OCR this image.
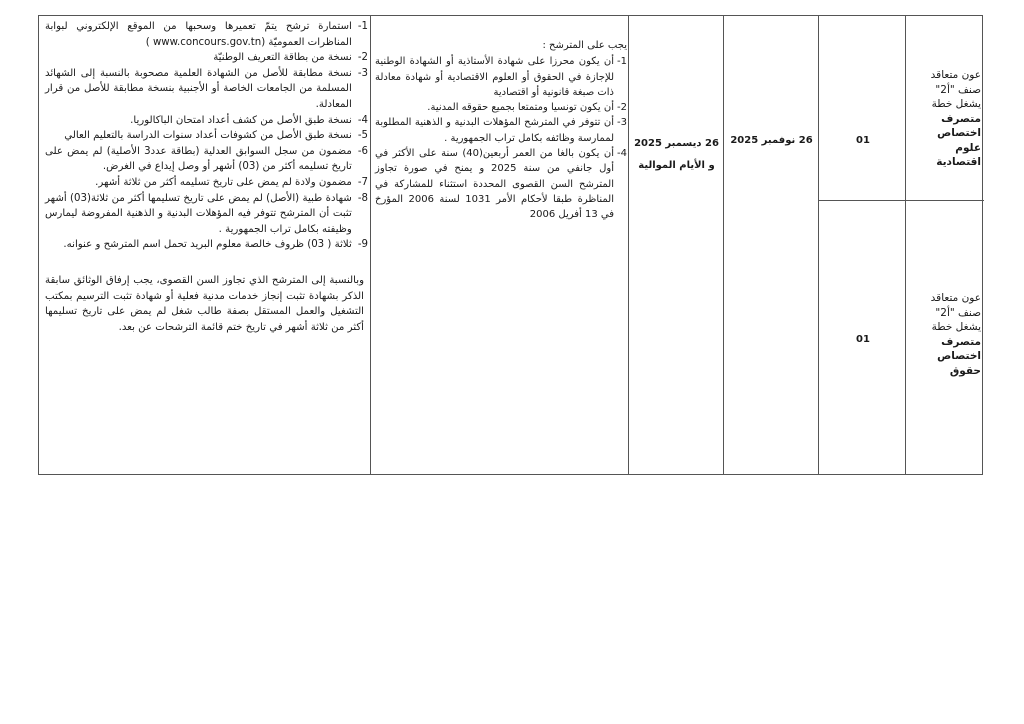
1-
استمارة ترشح يتمّ تعميرها وسحبها من الموقع الإلكتروني لبوابة المناظرات العموميّة (www.concours.gov.tn )
2-
نسخة من بطاقة التعريف الوطنيّة
3-
نسخة مطابقة للأصل من الشهادة العلمية مصحوبة بالنسبة إلى الشهائد المسلمة من الجامعات الخاصة أو الأجنبية بنسخة مطابقة للأصل من قرار المعادلة.
4-
نسخة طبق الأصل من كشف أعداد امتحان الباكالوريا.
5-
نسخة طبق الأصل من كشوفات أعداد سنوات الدراسة بالتعليم العالي
6-
مضمون من سجل السوابق العدلية (بطاقة عدد3 الأصلية) لم يمض على تاريخ تسليمه أكثر من (03) أشهر أو وصل إيداع في الغرض.
7-
مضمون ولادة لم يمض على تاريخ تسليمه أكثر من ثلاثة أشهر.
8-
شهادة طبية (الأصل) لم يمض على تاريخ تسليمها أكثر من ثلاثة(03) أشهر تثبت أن المترشح تتوفر فيه المؤهلات البدنية و الذهنية المفروضة ليمارس وظيفته بكامل تراب الجمهورية .
9-
ثلاثة ( 03) ظروف خالصة معلوم البريد تحمل اسم المترشح و عنوانه.
وبالنسبة إلى المترشح الذي تجاوز السن القصوى، يجب إرفاق الوثائق سابقة الذكر بشهادة تثبت إنجاز خدمات مدنية فعلية أو شهادة تثبت الترسيم بمكتب التشغيل والعمل المستقل بصفة طالب شغل لم يمض على تاريخ تسليمها أكثر من ثلاثة أشهر في تاريخ ختم قائمة الترشحات عن بعد.
يجب على المترشح :
1-
أن يكون محرزا على شهادة الأستاذية أو الشهادة الوطنية للإجازة في الحقوق أو العلوم الاقتصادية أو شهادة معادلة ذات صبغة قانونية أو اقتصادية
2-
أن يكون تونسيا ومتمتعا بجميع حقوقه المدنية.
3-
أن تتوفر في المترشح المؤهلات البدنية و الذهنية المطلوبة لممارسة وظائفه بكامل تراب الجمهورية .
4-
أن يكون بالغا من العمر أربعين(40) سنة على الأكثر في أول جانفي من سنة 2025 و يمنح في صورة تجاوز المترشح السن القصوى المحددة استثناء للمشاركة في المناظرة طبقا لأحكام الأمر 1031 لسنة 2006 المؤرخ في 13 أفريل 2006
26 ديسمبر 2025
و الأيام الموالية
26 نوفمبر 2025	01
01
عون متعاقد
صنف "أ2"
يشغل خطة
متصرف
اختصاص
علوم
اقتصادية
عون متعاقد
صنف "أ2"
يشغل خطة
متصرف
اختصاص
حقوق
